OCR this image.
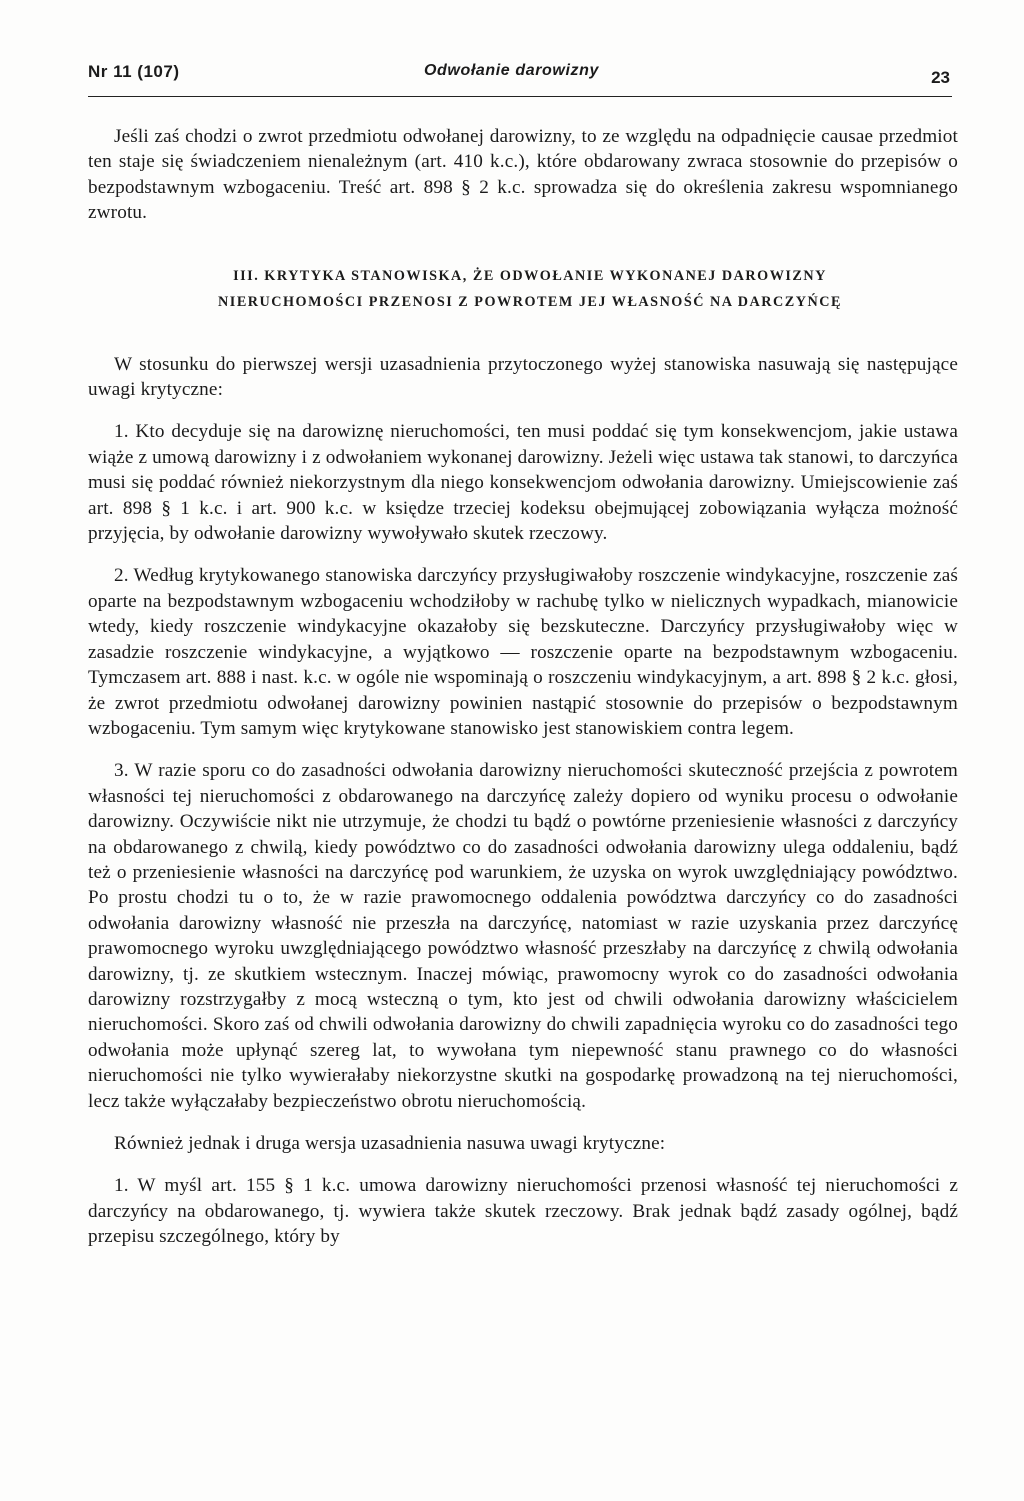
Nr 11 (107)	Odwołanie darowizny	23

Jeśli zaś chodzi o zwrot przedmiotu odwołanej darowizny, to ze względu na odpadnięcie causae przedmiot ten staje się świadczeniem nienależnym (art. 410 k.c.), które obdarowany zwraca stosownie do przepisów o bezpodstawnym wzbogaceniu. Treść art. 898 § 2 k.c. sprowadza się do określenia zakresu wspomnianego zwrotu.

III. KRYTYKA STANOWISKA, ŻE ODWOŁANIE WYKONANEJ DAROWIZNY
NIERUCHOMOŚCI PRZENOSI Z POWROTEM JEJ WŁASNOŚĆ NA DARCZYŃCĘ

W stosunku do pierwszej wersji uzasadnienia przytoczonego wyżej stanowiska nasuwają się następujące uwagi krytyczne:

1. Kto decyduje się na darowiznę nieruchomości, ten musi poddać się tym konsekwencjom, jakie ustawa wiąże z umową darowizny i z odwołaniem wykonanej darowizny. Jeżeli więc ustawa tak stanowi, to darczyńca musi się poddać również niekorzystnym dla niego konsekwencjom odwołania darowizny. Umiejscowienie zaś art. 898 § 1 k.c. i art. 900 k.c. w księdze trzeciej kodeksu obejmującej zobowiązania wyłącza możność przyjęcia, by odwołanie darowizny wywoływało skutek rzeczowy.

2. Według krytykowanego stanowiska darczyńcy przysługiwałoby roszczenie windykacyjne, roszczenie zaś oparte na bezpodstawnym wzbogaceniu wchodziłoby w rachubę tylko w nielicznych wypadkach, mianowicie wtedy, kiedy roszczenie windykacyjne okazałoby się bezskuteczne. Darczyńcy przysługiwałoby więc w zasadzie roszczenie windykacyjne, a wyjątkowo — roszczenie oparte na bezpodstawnym wzbogaceniu. Tymczasem art. 888 i nast. k.c. w ogóle nie wspominają o roszczeniu windykacyjnym, a art. 898 § 2 k.c. głosi, że zwrot przedmiotu odwołanej darowizny powinien nastąpić stosownie do przepisów o bezpodstawnym wzbogaceniu. Tym samym więc krytykowane stanowisko jest stanowiskiem contra legem.

3. W razie sporu co do zasadności odwołania darowizny nieruchomości skuteczność przejścia z powrotem własności tej nieruchomości z obdarowanego na darczyńcę zależy dopiero od wyniku procesu o odwołanie darowizny. Oczywiście nikt nie utrzymuje, że chodzi tu bądź o powtórne przeniesienie własności z darczyńcy na obdarowanego z chwilą, kiedy powództwo co do zasadności odwołania darowizny ulega oddaleniu, bądź też o przeniesienie własności na darczyńcę pod warunkiem, że uzyska on wyrok uwzględniający powództwo. Po prostu chodzi tu o to, że w razie prawomocnego oddalenia powództwa darczyńcy co do zasadności odwołania darowizny własność nie przeszła na darczyńcę, natomiast w razie uzyskania przez darczyńcę prawomocnego wyroku uwzględniającego powództwo własność przeszłaby na darczyńcę z chwilą odwołania darowizny, tj. ze skutkiem wstecznym. Inaczej mówiąc, prawomocny wyrok co do zasadności odwołania darowizny rozstrzygałby z mocą wsteczną o tym, kto jest od chwili odwołania darowizny właścicielem nieruchomości. Skoro zaś od chwili odwołania darowizny do chwili zapadnięcia wyroku co do zasadności tego odwołania może upłynąć szereg lat, to wywołana tym niepewność stanu prawnego co do własności nieruchomości nie tylko wywierałaby niekorzystne skutki na gospodarkę prowadzoną na tej nieruchomości, lecz także wyłączałaby bezpieczeństwo obrotu nieruchomością.

Również jednak i druga wersja uzasadnienia nasuwa uwagi krytyczne:

1. W myśl art. 155 § 1 k.c. umowa darowizny nieruchomości przenosi własność tej nieruchomości z darczyńcy na obdarowanego, tj. wywiera także skutek rzeczowy. Brak jednak bądź zasady ogólnej, bądź przepisu szczególnego, który by
